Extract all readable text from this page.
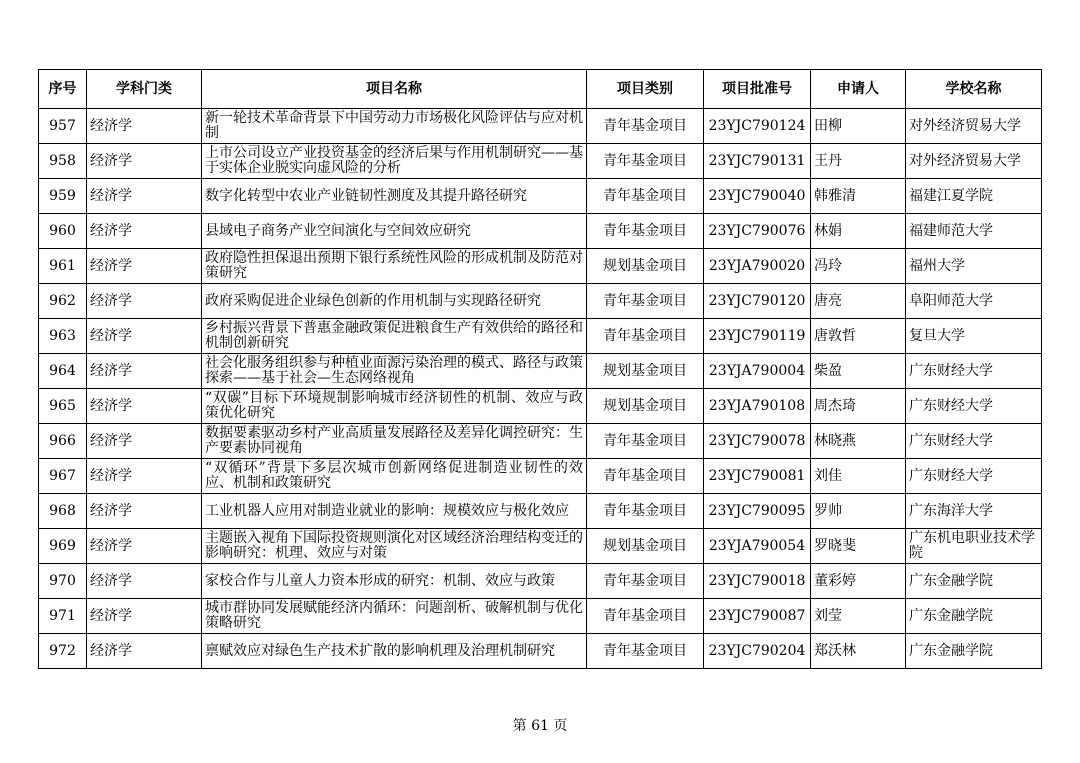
序号	学科门类	项目名称	项目类别	项目批准号	申请人	学校名称
957	经济学	新一轮技术革命背景下中国劳动力市场极化风险评估与应对机制	青年基金项目	23YJC790124	田柳	对外经济贸易大学
958	经济学	上市公司设立产业投资基金的经济后果与作用机制研究——基于实体企业脱实向虚风险的分析	青年基金项目	23YJC790131	王丹	对外经济贸易大学
959	经济学	数字化转型中农业产业链韧性测度及其提升路径研究	青年基金项目	23YJC790040	韩雅清	福建江夏学院
960	经济学	县域电子商务产业空间演化与空间效应研究	青年基金项目	23YJC790076	林娟	福建师范大学
961	经济学	政府隐性担保退出预期下银行系统性风险的形成机制及防范对策研究	规划基金项目	23YJA790020	冯玲	福州大学
962	经济学	政府采购促进企业绿色创新的作用机制与实现路径研究	青年基金项目	23YJC790120	唐亮	阜阳师范大学
963	经济学	乡村振兴背景下普惠金融政策促进粮食生产有效供给的路径和机制创新研究	青年基金项目	23YJC790119	唐敦哲	复旦大学
964	经济学	社会化服务组织参与种植业面源污染治理的模式、路径与政策探索——基于社会—生态网络视角	规划基金项目	23YJA790004	柴盈	广东财经大学
965	经济学	“双碳”目标下环境规制影响城市经济韧性的机制、效应与政策优化研究	规划基金项目	23YJA790108	周杰琦	广东财经大学
966	经济学	数据要素驱动乡村产业高质量发展路径及差异化调控研究：生产要素协同视角	青年基金项目	23YJC790078	林晓燕	广东财经大学
967	经济学	“双循环”背景下多层次城市创新网络促进制造业韧性的效应、机制和政策研究	青年基金项目	23YJC790081	刘佳	广东财经大学
968	经济学	工业机器人应用对制造业就业的影响：规模效应与极化效应	青年基金项目	23YJC790095	罗帅	广东海洋大学
969	经济学	主题嵌入视角下国际投资规则演化对区域经济治理结构变迁的影响研究：机理、效应与对策	规划基金项目	23YJA790054	罗晓斐	广东机电职业技术学院
970	经济学	家校合作与儿童人力资本形成的研究：机制、效应与政策	青年基金项目	23YJC790018	董彩婷	广东金融学院
971	经济学	城市群协同发展赋能经济内循环：问题剖析、破解机制与优化策略研究	青年基金项目	23YJC790087	刘莹	广东金融学院
972	经济学	禀赋效应对绿色生产技术扩散的影响机理及治理机制研究	青年基金项目	23YJC790204	郑沃林	广东金融学院
第 61 页
